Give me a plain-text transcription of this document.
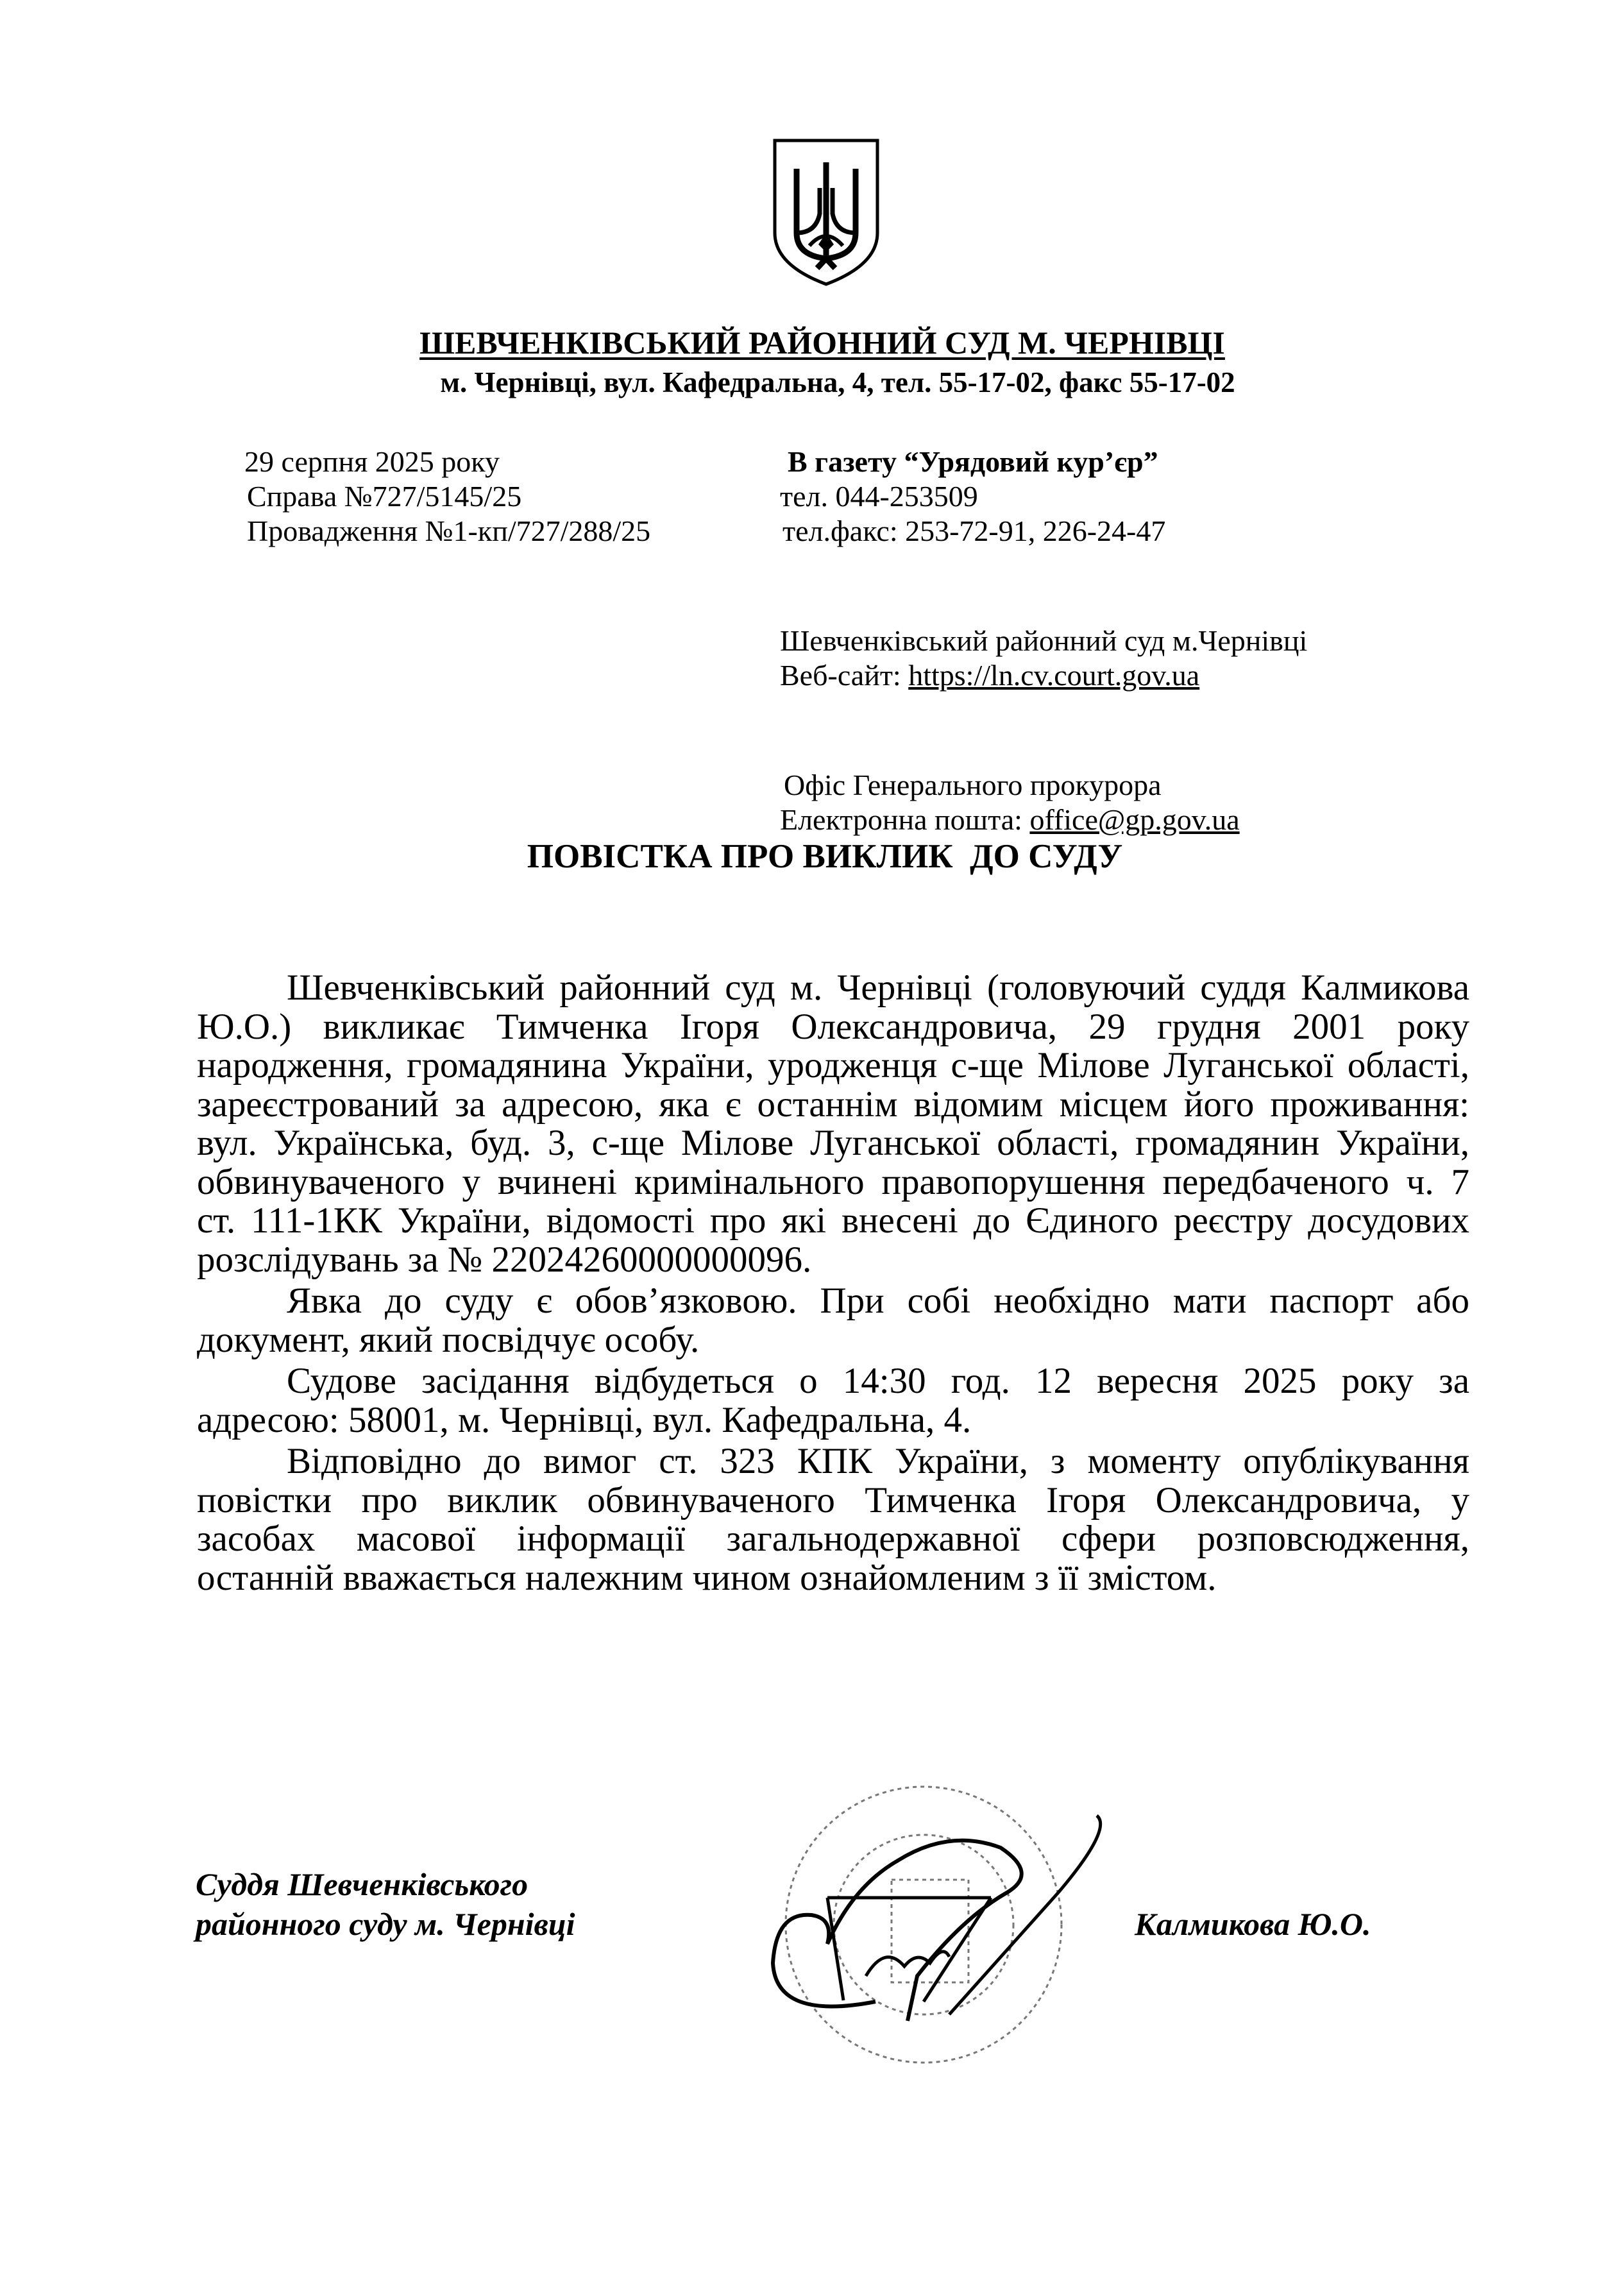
ШЕВЧЕНКІВСЬКИЙ РАЙОННИЙ СУД М. ЧЕРНІВЦІ
м. Чернівці, вул. Кафедральна, 4, тел. 55-17-02, факс 55-17-02
29 серпня 2025 року
Справа №727/5145/25
Провадження №1-кп/727/288/25
В газету “Урядовий кур’єр”
тел. 044-253509
тел.факс: 253-72-91, 226-24-47
Шевченківський районний суд м.Чернівці
Веб-сайт: https://ln.cv.court.gov.ua
Офіс Генерального прокурора
Електронна пошта: office@gp.gov.ua
ПОВІСТКА ПРО ВИКЛИК  ДО СУДУ
Шевченківський районний суд м. Чернівці (головуючий суддя Калмикова
Ю.О.) викликає Тимченка Ігоря Олександровича, 29 грудня 2001 року
народження, громадянина України, уродженця с-ще Мілове Луганської області,
зареєстрований за адресою, яка є останнім відомим місцем його проживання:
вул. Українська, буд. 3, с-ще Мілове Луганської області, громадянин України,
обвинуваченого у вчинені кримінального правопорушення передбаченого ч. 7
ст. 111-1КК України, відомості про які внесені до Єдиного реєстру досудових
розслідувань за № 22024260000000096.
Явка до суду є обов’язковою. При собі необхідно мати паспорт або
документ, який посвідчує особу.
Судове засідання відбудеться о 14:30 год. 12 вересня 2025 року за
адресою: 58001, м. Чернівці, вул. Кафедральна, 4.
Відповідно до вимог ст. 323 КПК України, з моменту опублікування
повістки про виклик обвинуваченого Тимченка Ігоря Олександровича, у
засобах масової інформації загальнодержавної сфери розповсюдження,
останній вважається належним чином ознайомленим з її змістом.
Суддя Шевченківського
районного суду м. Чернівці	Калмикова Ю.О.
